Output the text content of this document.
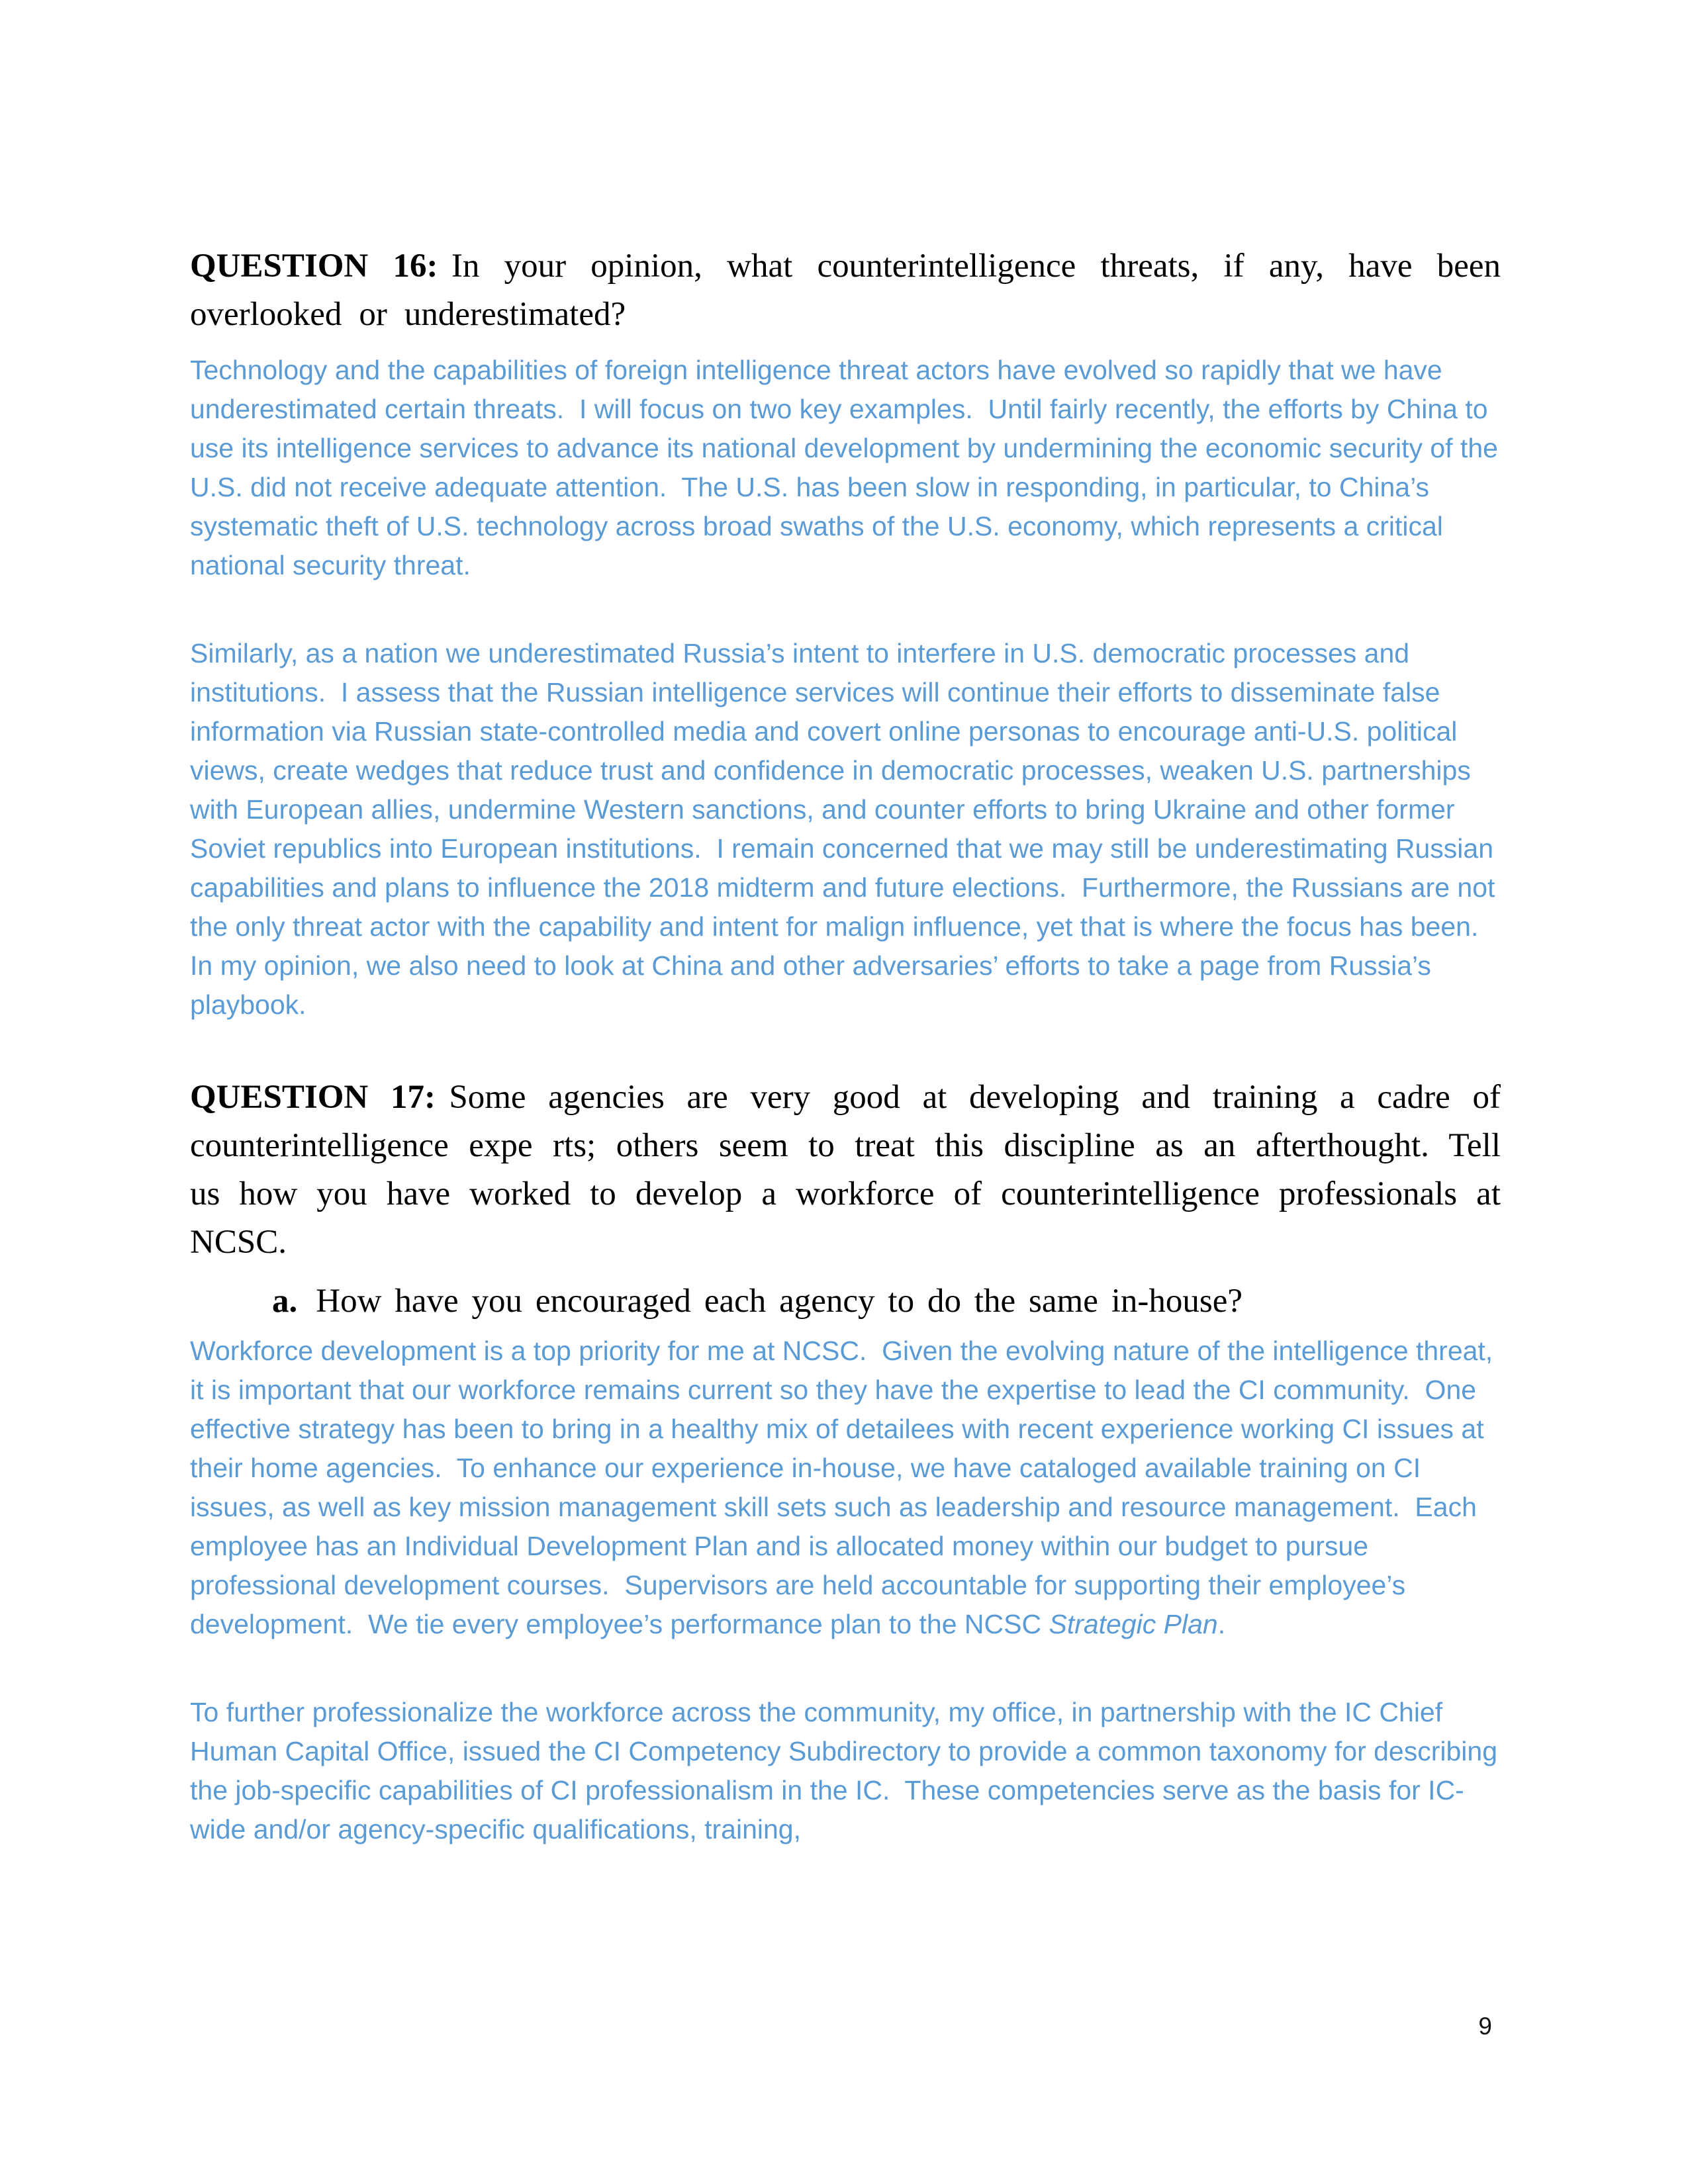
QUESTION 16: In your opinion, what counterintelligence threats, if any, have been overlooked or underestimated?

Technology and the capabilities of foreign intelligence threat actors have evolved so rapidly that we have underestimated certain threats.  I will focus on two key examples.  Until fairly recently, the efforts by China to use its intelligence services to advance its national development by undermining the economic security of the U.S. did not receive adequate attention.  The U.S. has been slow in responding, in particular, to China’s systematic theft of U.S. technology across broad swaths of the U.S. economy, which represents a critical national security threat.

Similarly, as a nation we underestimated Russia’s intent to interfere in U.S. democratic processes and institutions.  I assess that the Russian intelligence services will continue their efforts to disseminate false information via Russian state-controlled media and covert online personas to encourage anti-U.S. political views, create wedges that reduce trust and confidence in democratic processes, weaken U.S. partnerships with European allies, undermine Western sanctions, and counter efforts to bring Ukraine and other former Soviet republics into European institutions.  I remain concerned that we may still be underestimating Russian capabilities and plans to influence the 2018 midterm and future elections.  Furthermore, the Russians are not the only threat actor with the capability and intent for malign influence, yet that is where the focus has been.  In my opinion, we also need to look at China and other adversaries’ efforts to take a page from Russia’s playbook.

QUESTION 17: Some agencies are very good at developing and training a cadre of counterintelligence expe rts; others seem to treat this discipline as an afterthought. Tell us how you have worked to develop a workforce of counterintelligence professionals at NCSC.

a. How have you encouraged each agency to do the same in-house?

Workforce development is a top priority for me at NCSC.  Given the evolving nature of the intelligence threat, it is important that our workforce remains current so they have the expertise to lead the CI community.  One effective strategy has been to bring in a healthy mix of detailees with recent experience working CI issues at their home agencies.  To enhance our experience in-house, we have cataloged available training on CI issues, as well as key mission management skill sets such as leadership and resource management.  Each employee has an Individual Development Plan and is allocated money within our budget to pursue professional development courses.  Supervisors are held accountable for supporting their employee’s development.  We tie every employee’s performance plan to the NCSC Strategic Plan.

To further professionalize the workforce across the community, my office, in partnership with the IC Chief Human Capital Office, issued the CI Competency Subdirectory to provide a common taxonomy for describing the job-specific capabilities of CI professionalism in the IC.  These competencies serve as the basis for IC-wide and/or agency-specific qualifications, training,

9
